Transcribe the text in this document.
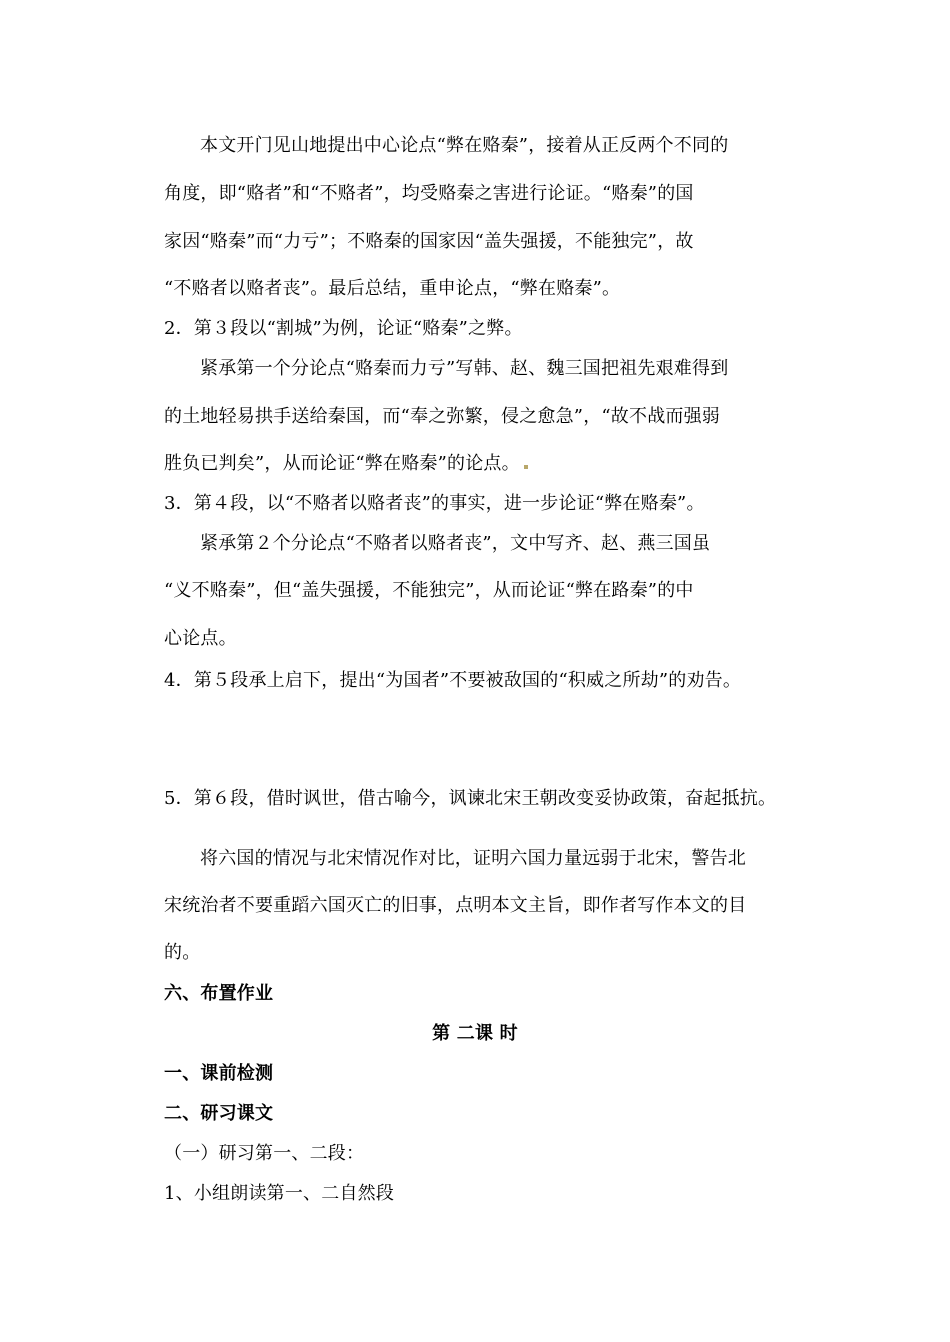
本文开门见山地提出中心论点“弊在赂秦”，接着从正反两个不同的
角度，即“赂者”和“不赂者”，均受赂秦之害进行论证。“赂秦”的国
家因“赂秦”而“力亏”；不赂秦的国家因“盖失强援，不能独完”，故
“不赂者以赂者丧”。最后总结，重申论点，“弊在赂秦”。
2．第３段以“割城”为例，论证“赂秦”之弊。
紧承第一个分论点“赂秦而力亏”写韩、赵、魏三国把祖先艰难得到
的土地轻易拱手送给秦国，而“奉之弥繁，侵之愈急”，“故不战而强弱
胜负已判矣”，从而论证“弊在赂秦”的论点。
3．第４段，以“不赂者以赂者丧”的事实，进一步论证“弊在赂秦”。
紧承第２个分论点“不赂者以赂者丧”，文中写齐、赵、燕三国虽
“义不赂秦”，但“盖失强援，不能独完”，从而论证“弊在路秦”的中
心论点。
4．第５段承上启下，提出“为国者”不要被敌国的“积威之所劫”的劝告。
5．第６段，借时讽世，借古喻今，讽谏北宋王朝改变妥协政策，奋起抵抗。
将六国的情况与北宋情况作对比，证明六国力量远弱于北宋，警告北
宋统治者不要重蹈六国灭亡的旧事，点明本文主旨，即作者写作本文的目
的。
六、布置作业
第 二课 时
一、课前检测
二、研习课文
（一）研习第一、二段：
1、小组朗读第一、二自然段
